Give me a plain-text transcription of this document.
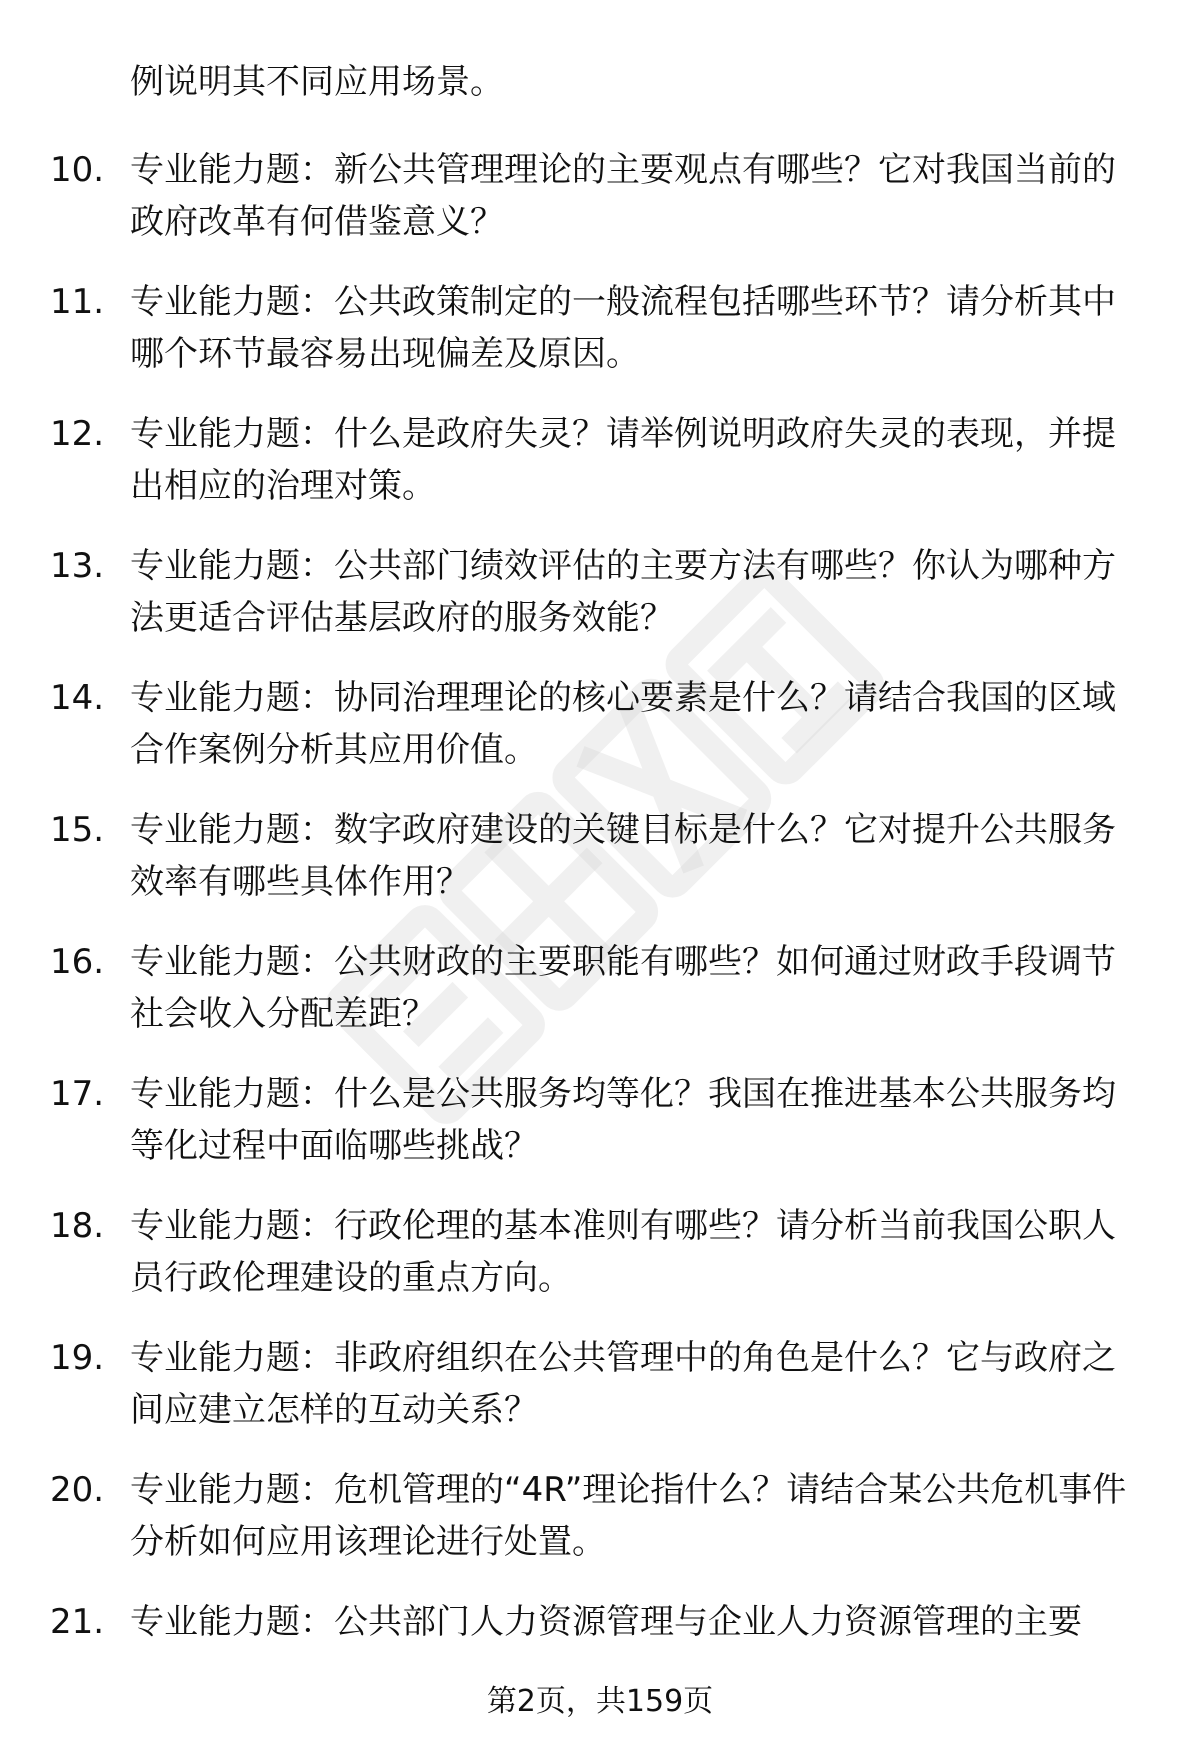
例说明其不同应用场景。
10. 专业能力题：新公共管理理论的主要观点有哪些？它对我国当前的政府改革有何借鉴意义？
11. 专业能力题：公共政策制定的一般流程包括哪些环节？请分析其中哪个环节最容易出现偏差及原因。
12. 专业能力题：什么是政府失灵？请举例说明政府失灵的表现，并提出相应的治理对策。
13. 专业能力题：公共部门绩效评估的主要方法有哪些？你认为哪种方法更适合评估基层政府的服务效能？
14. 专业能力题：协同治理理论的核心要素是什么？请结合我国的区域合作案例分析其应用价值。
15. 专业能力题：数字政府建设的关键目标是什么？它对提升公共服务效率有哪些具体作用？
16. 专业能力题：公共财政的主要职能有哪些？如何通过财政手段调节社会收入分配差距？
17. 专业能力题：什么是公共服务均等化？我国在推进基本公共服务均等化过程中面临哪些挑战？
18. 专业能力题：行政伦理的基本准则有哪些？请分析当前我国公职人员行政伦理建设的重点方向。
19. 专业能力题：非政府组织在公共管理中的角色是什么？它与政府之间应建立怎样的互动关系？
20. 专业能力题：危机管理的“4R”理论指什么？请结合某公共危机事件分析如何应用该理论进行处置。
21. 专业能力题：公共部门人力资源管理与企业人力资源管理的主要
第2页，共159页
